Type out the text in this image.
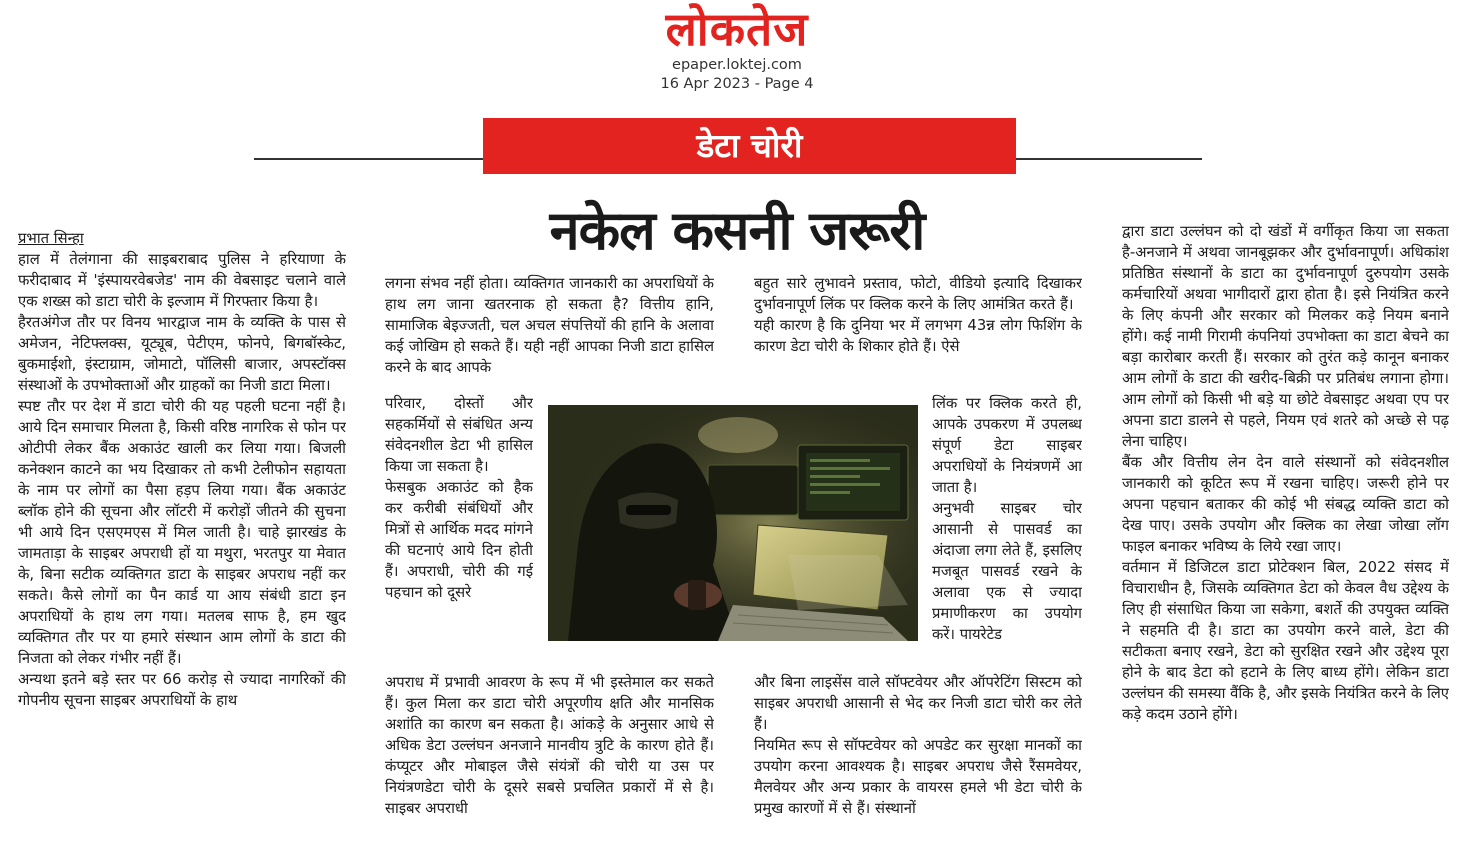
लोकतेज
epaper.loktej.com
16 Apr 2023 - Page 4
डेटा चोरी
नकेल कसनी जरूरी

प्रभात सिन्हा

हाल में तेलंगाना की साइबराबाद पुलिस ने हरियाणा के फरीदाबाद में 'इंस्पायरवेबजेड' नाम की वेबसाइट चलाने वाले एक शख्स को डाटा चोरी के इल्जाम में गिरफ्तार किया है।

हैरतअंगेज तौर पर विनय भारद्वाज नाम के व्यक्ति के पास से अमेजन, नेटिफ्लक्स, यूट्यूब, पेटीएम, फोनपे, बिगबॉस्केट, बुकमाईशो, इंस्टाग्राम, जोमाटो, पॉलिसी बाजार, अपस्टॉक्स संस्थाओं के उपभोक्ताओं और ग्राहकों का निजी डाटा मिला।

स्पष्ट तौर पर देश में डाटा चोरी की यह पहली घटना नहीं है। आये दिन समाचार मिलता है, किसी वरिष्ठ नागरिक से फोन पर ओटीपी लेकर बैंक अकाउंट खाली कर लिया गया। बिजली कनेक्शन काटने का भय दिखाकर तो कभी टेलीफोन सहायता के नाम पर लोगों का पैसा हड़प लिया गया। बैंक अकाउंट ब्लॉक होने की सूचना और लॉटरी में करोड़ों जीतने की सुचना भी आये दिन एसएमएस में मिल जाती है। चाहे झारखंड के जामताड़ा के साइबर अपराधी हों या मथुरा, भरतपुर या मेवात के, बिना सटीक व्यक्तिगत डाटा के साइबर अपराध नहीं कर सकते। कैसे लोगों का पैन कार्ड या आय संबंधी डाटा इन अपराधियों के हाथ लग गया। मतलब साफ है, हम खुद व्यक्तिगत तौर पर या हमारे संस्थान आम लोगों के डाटा की निजता को लेकर गंभीर नहीं हैं।

अन्यथा इतने बड़े स्तर पर 66 करोड़ से ज्यादा नागरिकों की गोपनीय सूचना साइबर अपराधियों के हाथ

लगना संभव नहीं होता। व्यक्तिगत जानकारी का अपराधियों के हाथ लग जाना खतरनाक हो सकता है? वित्तीय हानि, सामाजिक बेइज्जती, चल अचल संपत्तियों की हानि के अलावा कई जोखिम हो सकते हैं। यही नहीं आपका निजी डाटा हासिल करने के बाद आपके

परिवार, दोस्तों और सहकर्मियों से संबंधित अन्य संवेदनशील डेटा भी हासिल किया जा सकता है।

फेसबुक अकाउंट को हैक कर करीबी संबंधियों और मित्रों से आर्थिक मदद मांगने की घटनाएं आये दिन होती हैं। अपराधी, चोरी की गई पहचान को दूसरे

अपराध में प्रभावी आवरण के रूप में भी इस्तेमाल कर सकते हैं। कुल मिला कर डाटा चोरी अपूरणीय क्षति और मानसिक अशांति का कारण बन सकता है। आंकड़े के अनुसार आधे से अधिक डेटा उल्लंघन अनजाने मानवीय त्रुटि के कारण होते हैं। कंप्यूटर और मोबाइल जैसे संयंत्रों की चोरी या उस पर नियंत्रणडेटा चोरी के दूसरे सबसे प्रचलित प्रकारों में से है। साइबर अपराधी

बहुत सारे लुभावने प्रस्ताव, फोटो, वीडियो इत्यादि दिखाकर दुर्भावनापूर्ण लिंक पर क्लिक करने के लिए आमंत्रित करते हैं।

यही कारण है कि दुनिया भर में लगभग 43न्न लोग फिशिंग के कारण डेटा चोरी के शिकार होते हैं। ऐसे

लिंक पर क्लिक करते ही, आपके उपकरण में उपलब्ध संपूर्ण डेटा साइबर अपराधियों के नियंत्रणमें आ जाता है।

अनुभवी साइबर चोर आसानी से पासवर्ड का अंदाजा लगा लेते हैं, इसलिए मजबूत पासवर्ड रखने के अलावा एक से ज्यादा प्रमाणीकरण का उपयोग करें। पायरेटेड

और बिना लाइसेंस वाले सॉफ्टवेयर और ऑपरेटिंग सिस्टम को साइबर अपराधी आसानी से भेद कर निजी डाटा चोरी कर लेते हैं।

नियमित रूप से सॉफ्टवेयर को अपडेट कर सुरक्षा मानकों का उपयोग करना आवश्यक है। साइबर अपराध जैसे रैंसमवेयर, मैलवेयर और अन्य प्रकार के वायरस हमले भी डेटा चोरी के प्रमुख कारणों में से हैं। संस्थानों

द्वारा डाटा उल्लंघन को दो खंडों में वर्गीकृत किया जा सकता है-अनजाने में अथवा जानबूझकर और दुर्भावनापूर्ण। अधिकांश प्रतिष्ठित संस्थानों के डाटा का दुर्भावनापूर्ण दुरुपयोग उसके कर्मचारियों अथवा भागीदारों द्वारा होता है। इसे नियंत्रित करने के लिए कंपनी और सरकार को मिलकर कड़े नियम बनाने होंगे। कई नामी गिरामी कंपनियां उपभोक्ता का डाटा बेचने का बड़ा कारोबार करती हैं। सरकार को तुरंत कड़े कानून बनाकर आम लोगों के डाटा की खरीद-बिक्री पर प्रतिबंध लगाना होगा। आम लोगों को किसी भी बड़े या छोटे वेबसाइट अथवा एप पर अपना डाटा डालने से पहले, नियम एवं शतरे को अच्छे से पढ़ लेना चाहिए।

बैंक और वित्तीय लेन देन वाले संस्थानों को संवेदनशील जानकारी को कूटित रूप में रखना चाहिए। जरूरी होने पर अपना पहचान बताकर की कोई भी संबद्ध व्यक्ति डाटा को देख पाए। उसके उपयोग और क्लिक का लेखा जोखा लॉग फाइल बनाकर भविष्य के लिये रखा जाए।

वर्तमान में डिजिटल डाटा प्रोटेक्शन बिल, 2022 संसद में विचाराधीन है, जिसके व्यक्तिगत डेटा को केवल वैध उद्देश्य के लिए ही संसाधित किया जा सकेगा, बशर्ते की उपयुक्त व्यक्ति ने सहमति दी है। डाटा का उपयोग करने वाले, डेटा की सटीकता बनाए रखने, डेटा को सुरक्षित रखने और उद्देश्य पूरा होने के बाद डेटा को हटाने के लिए बाध्य होंगे। लेकिन डाटा उल्लंघन की समस्या वैंकि है, और इसके नियंत्रित करने के लिए कड़े कदम उठाने होंगे।
